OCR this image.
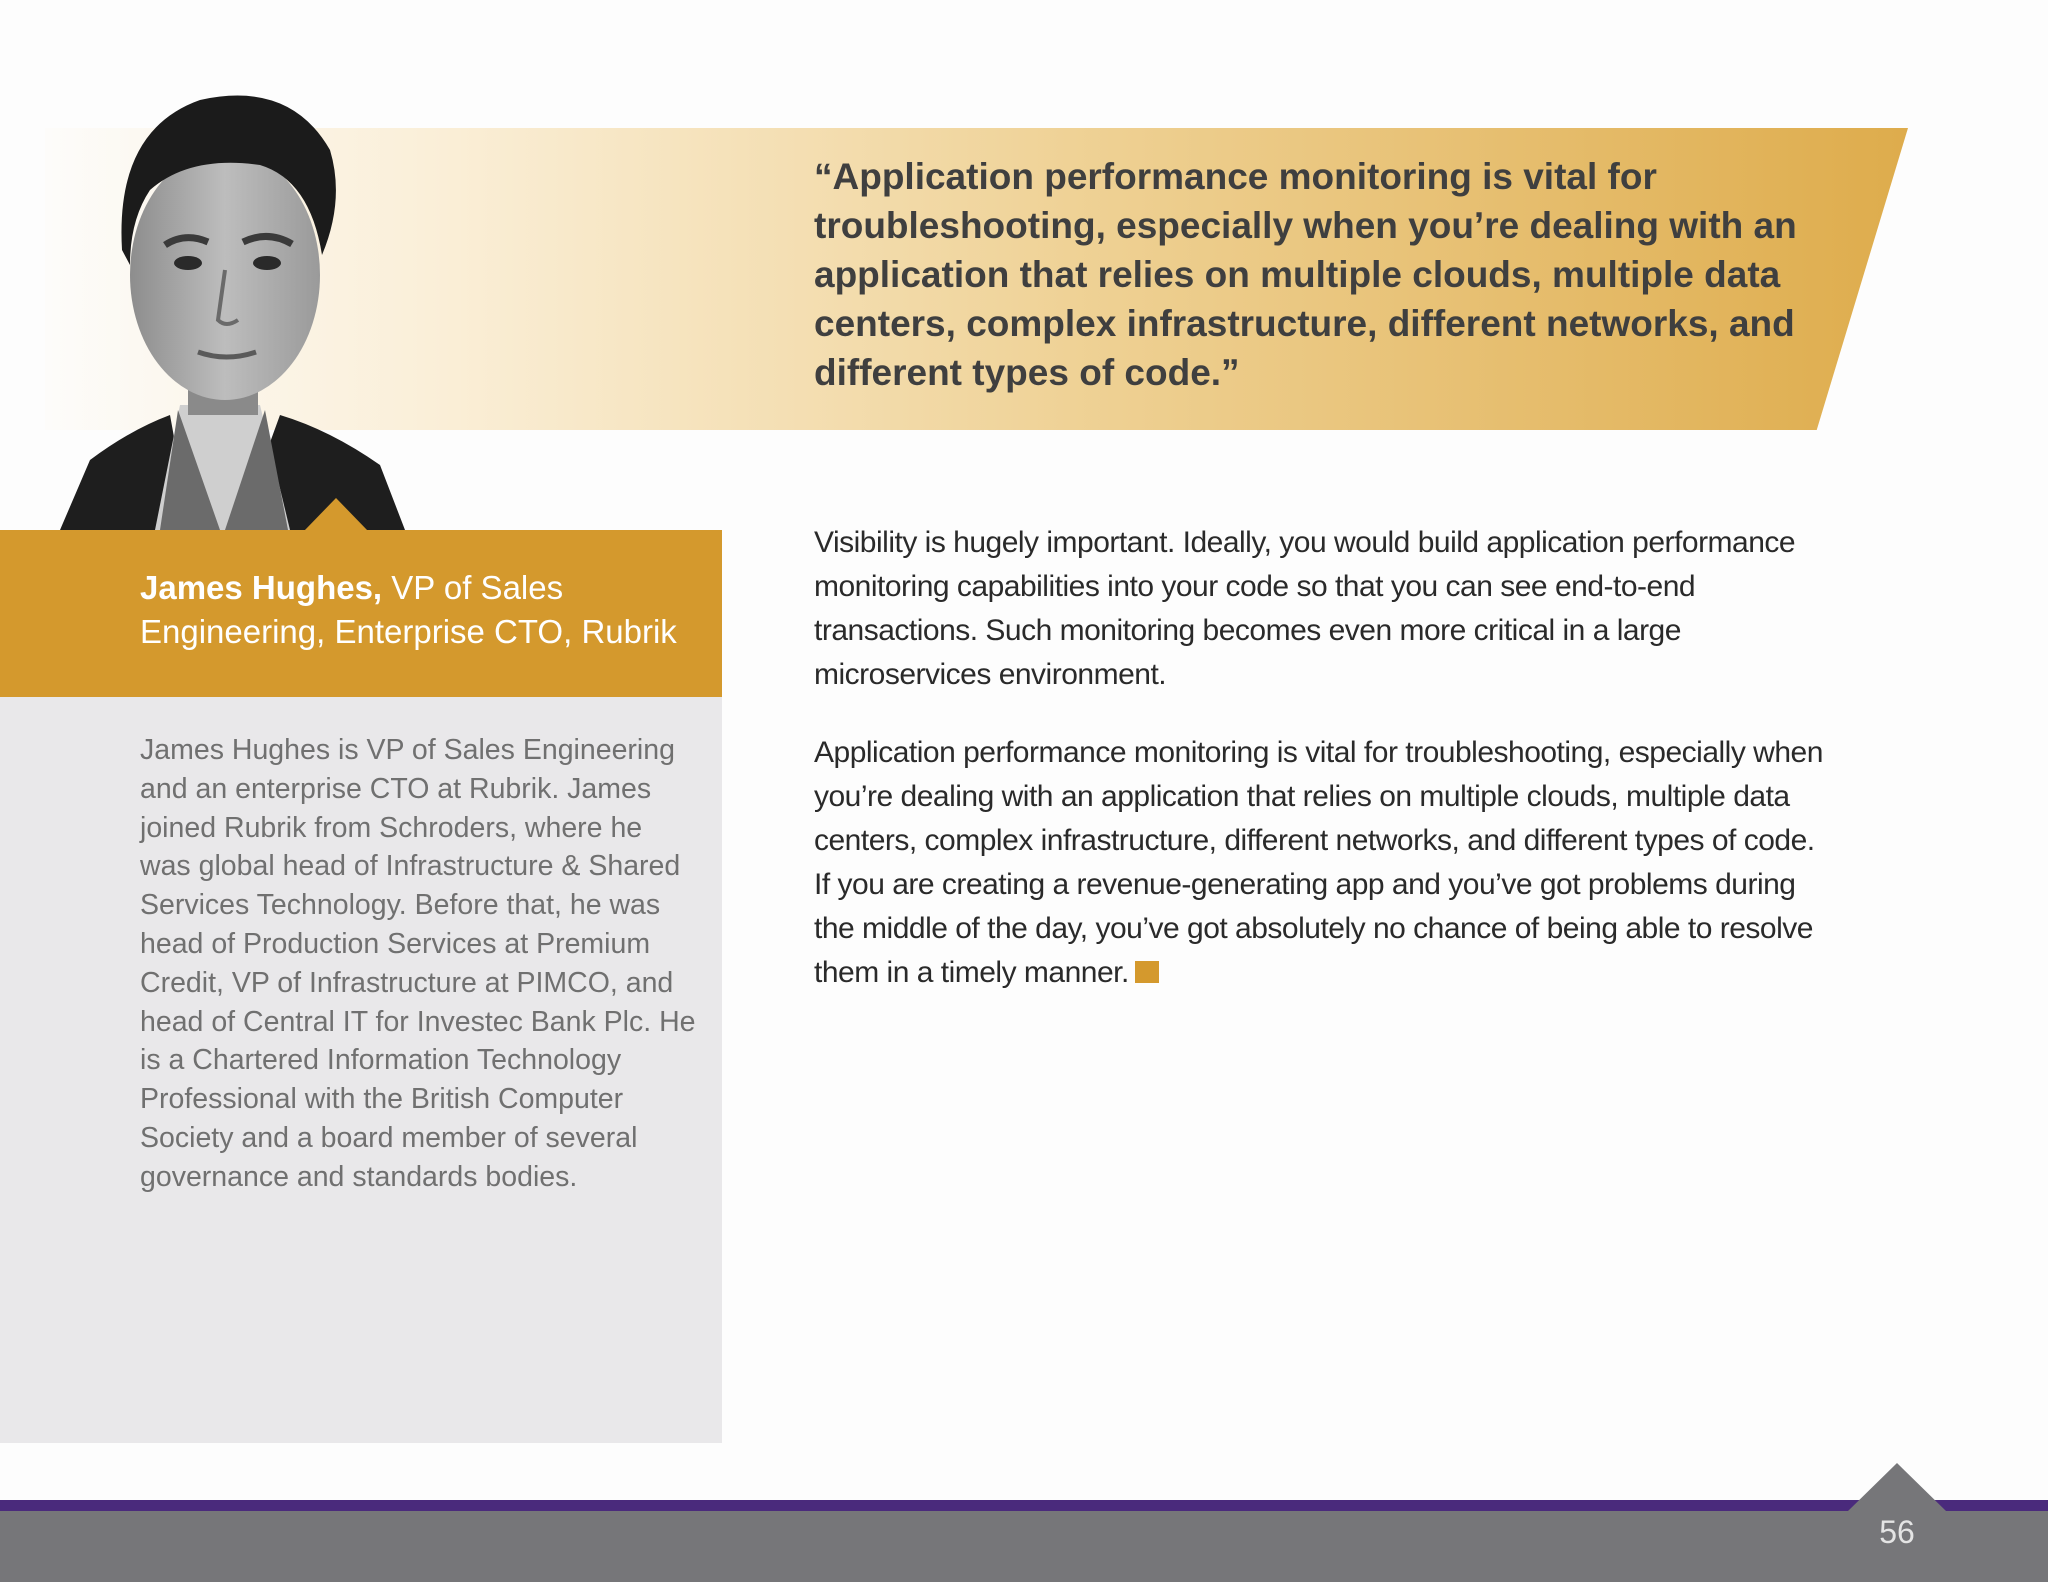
“Application performance monitoring is vital for troubleshooting, especially when you’re dealing with an application that relies on multiple clouds, multiple data centers, complex infrastructure, different networks, and different types of code.”
James Hughes, VP of Sales Engineering, Enterprise CTO, Rubrik
James Hughes is VP of Sales Engineering and an enterprise CTO at Rubrik. James joined Rubrik from Schroders, where he was global head of Infrastructure & Shared Services Technology. Before that, he was head of Production Services at Premium Credit, VP of Infrastructure at PIMCO, and head of Central IT for Investec Bank Plc. He is a Chartered Information Technology Professional with the British Computer Society and a board member of several governance and standards bodies.

Visibility is hugely important. Ideally, you would build application performance monitoring capabilities into your code so that you can see end-to-end transactions. Such monitoring becomes even more critical in a large microservices environment.

Application performance monitoring is vital for troubleshooting, especially when you’re dealing with an application that relies on multiple clouds, multiple data centers, complex infrastructure, different networks, and different types of code. If you are creating a revenue-generating app and you’ve got problems during the middle of the day, you’ve got absolutely no chance of being able to resolve them in a timely manner.

56
